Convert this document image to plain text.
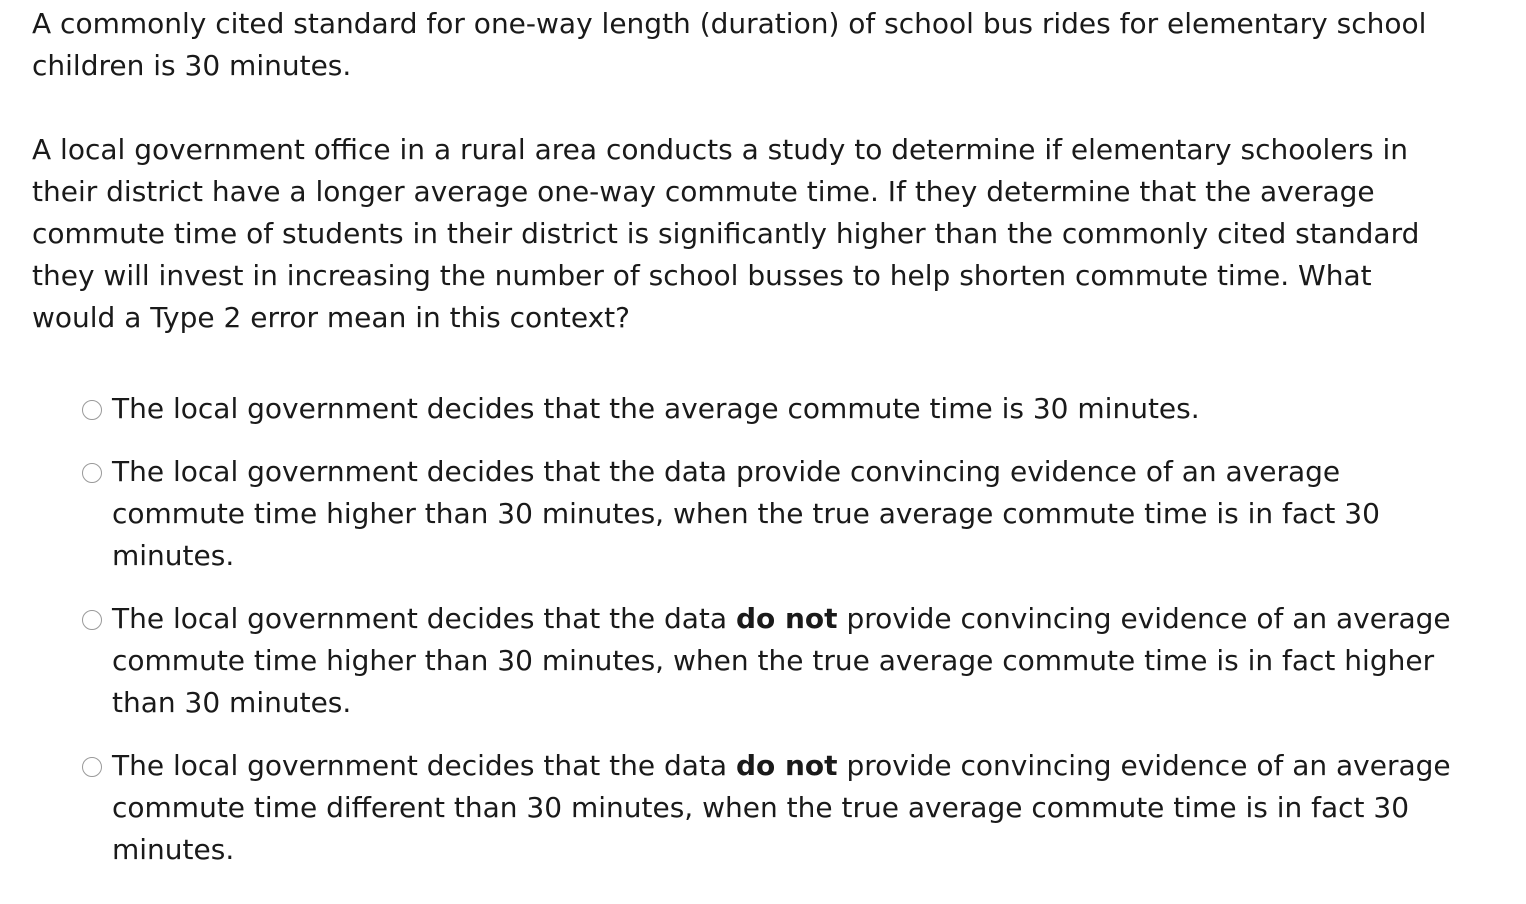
A commonly cited standard for one-way length (duration) of school bus rides for elementary school children is 30 minutes.

A local government office in a rural area conducts a study to determine if elementary schoolers in their district have a longer average one-way commute time. If they determine that the average commute time of students in their district is significantly higher than the commonly cited standard they will invest in increasing the number of school busses to help shorten commute time. What would a Type 2 error mean in this context?

The local government decides that the average commute time is 30 minutes.
The local government decides that the data provide convincing evidence of an average commute time higher than 30 minutes, when the true average commute time is in fact 30 minutes.
The local government decides that the data do not provide convincing evidence of an average commute time higher than 30 minutes, when the true average commute time is in fact higher than 30 minutes.
The local government decides that the data do not provide convincing evidence of an average commute time different than 30 minutes, when the true average commute time is in fact 30 minutes.
